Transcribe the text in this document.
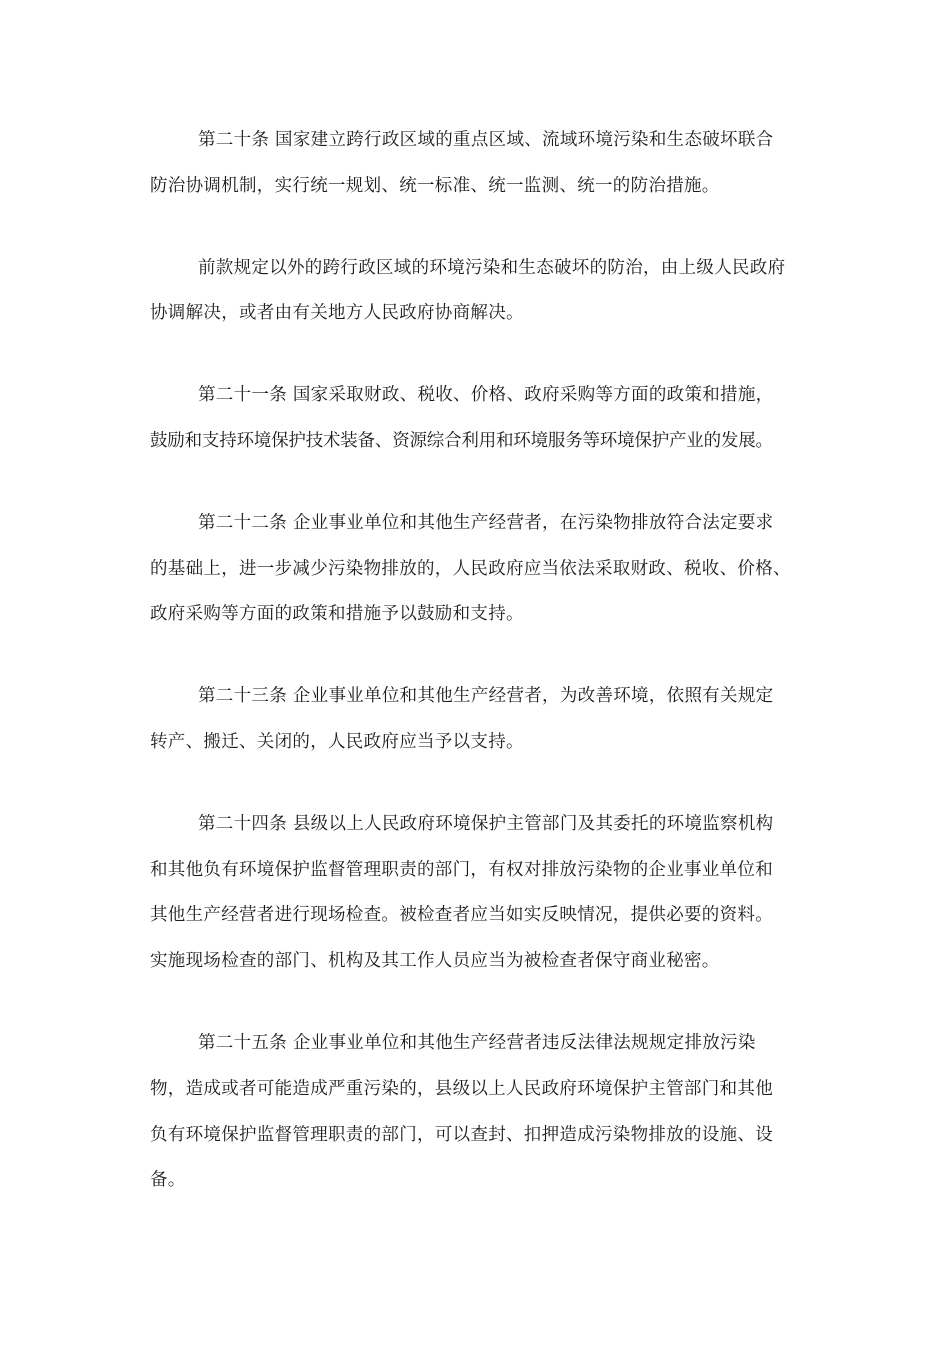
第二十条 国家建立跨行政区域的重点区域、流域环境污染和生态破坏联合
防治协调机制，实行统一规划、统一标准、统一监测、统一的防治措施。

前款规定以外的跨行政区域的环境污染和生态破坏的防治，由上级人民政府
协调解决，或者由有关地方人民政府协商解决。

第二十一条 国家采取财政、税收、价格、政府采购等方面的政策和措施，
鼓励和支持环境保护技术装备、资源综合利用和环境服务等环境保护产业的发展。

第二十二条 企业事业单位和其他生产经营者，在污染物排放符合法定要求
的基础上，进一步减少污染物排放的，人民政府应当依法采取财政、税收、价格、
政府采购等方面的政策和措施予以鼓励和支持。

第二十三条 企业事业单位和其他生产经营者，为改善环境，依照有关规定
转产、搬迁、关闭的，人民政府应当予以支持。

第二十四条 县级以上人民政府环境保护主管部门及其委托的环境监察机构
和其他负有环境保护监督管理职责的部门，有权对排放污染物的企业事业单位和
其他生产经营者进行现场检查。被检查者应当如实反映情况，提供必要的资料。
实施现场检查的部门、机构及其工作人员应当为被检查者保守商业秘密。

第二十五条 企业事业单位和其他生产经营者违反法律法规规定排放污染
物，造成或者可能造成严重污染的，县级以上人民政府环境保护主管部门和其他
负有环境保护监督管理职责的部门，可以查封、扣押造成污染物排放的设施、设
备。
